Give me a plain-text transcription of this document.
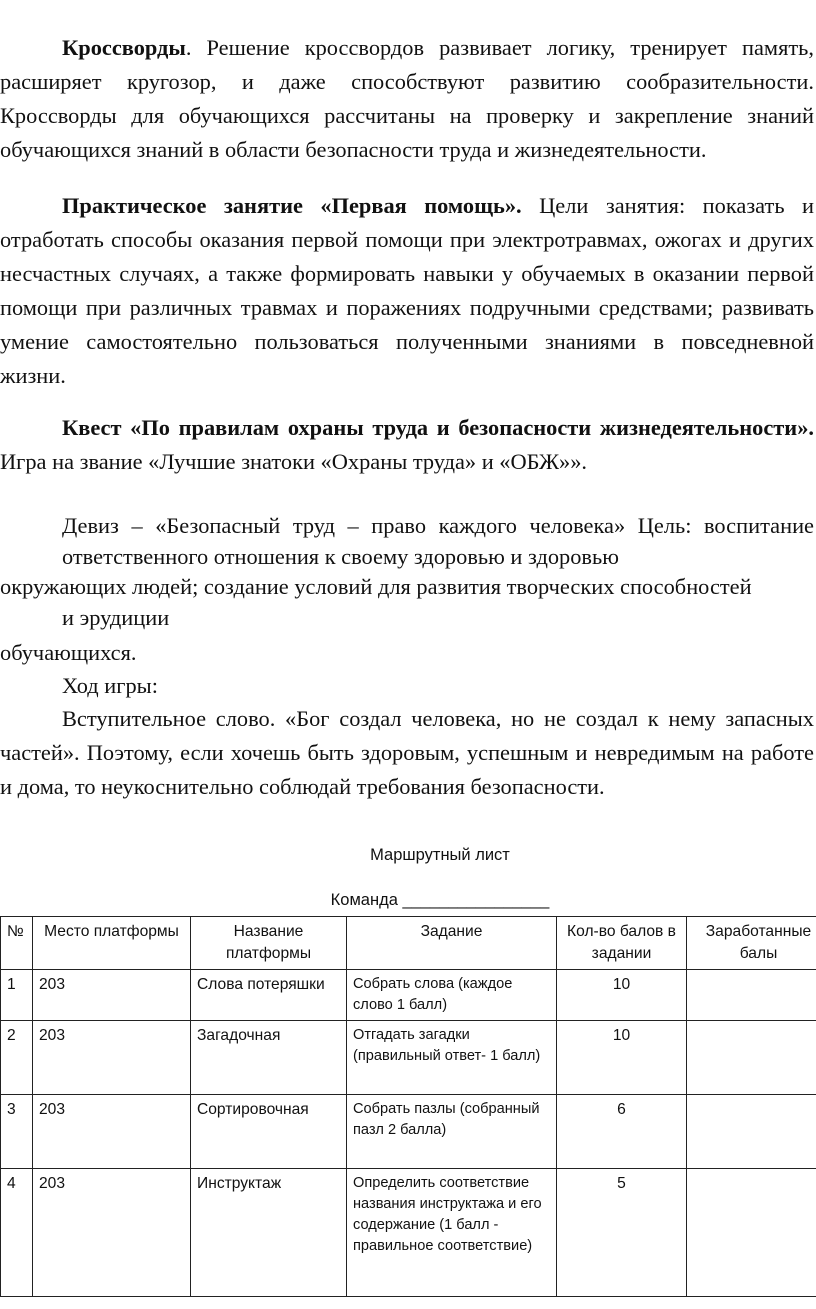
Кроссворды. Решение кроссвордов развивает логику, тренирует память, расширяет кругозор, и даже способствуют развитию сообразительности. Кроссворды для обучающихся рассчитаны на проверку и закрепление знаний обучающихся знаний в области безопасности труда и жизнедеятельности.
Практическое занятие «Первая помощь». Цели занятия: показать и отработать способы оказания первой помощи при электротравмах, ожогах и других несчастных случаях, а также формировать навыки у обучаемых в оказании первой помощи при различных травмах и поражениях подручными средствами; развивать умение самостоятельно пользоваться полученными знаниями в повседневной жизни.
Квест «По правилам охраны труда и безопасности жизнедеятельности». Игра на звание «Лучшие знатоки «Охраны труда» и «ОБЖ»».
Девиз – «Безопасный труд – право каждого человека» Цель: воспитание
ответственного отношения к своему здоровью и здоровью
окружающих людей; создание условий для развития творческих способностей
и эрудиции
обучающихся.
Ход игры:
Вступительное слово. «Бог создал человека, но не создал к нему запасных частей». Поэтому, если хочешь быть здоровым, успешным и невредимым на работе и дома, то неукоснительно соблюдай требования безопасности.
Маршрутный лист
Команда ________________
№	Место платформы	Название платформы	Задание	Кол-во балов в задании	Заработанные балы
1	203	Слова потеряшки	Собрать слова (каждое слово 1 балл)	10	
2	203	Загадочная	Отгадать загадки (правильный ответ- 1 балл)	10	
3	203	Сортировочная	Собрать пазлы (собранный пазл 2 балла)	6	
4	203	Инструктаж	Определить соответствие названия инструктажа и его содержание (1 балл - правильное соответствие)	5	
